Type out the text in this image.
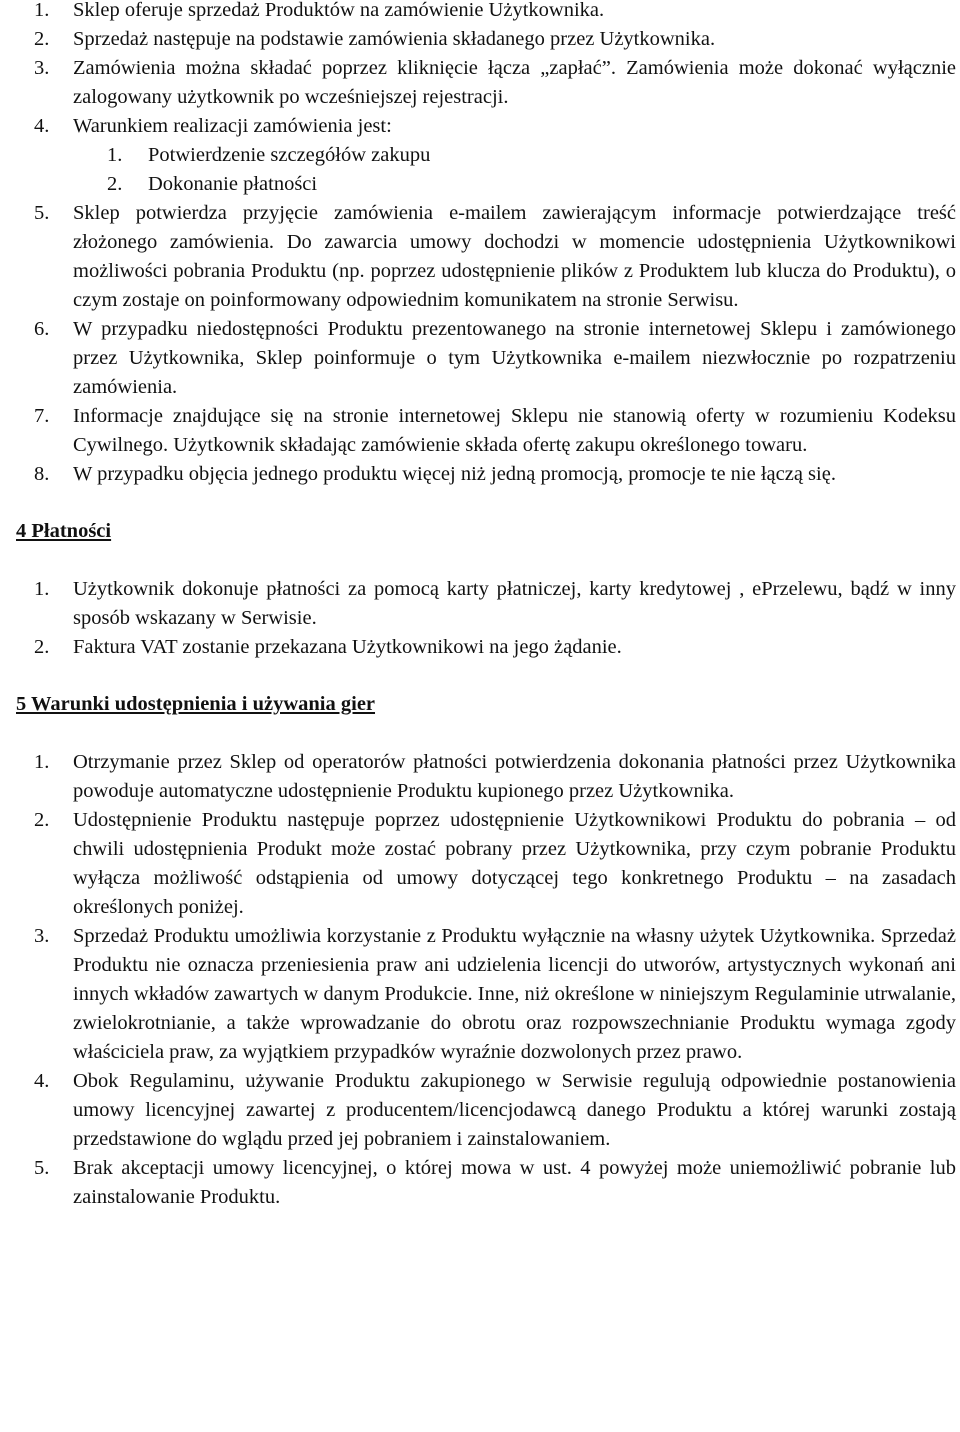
1. Sklep oferuje sprzedaż Produktów na zamówienie Użytkownika.

2. Sprzedaż następuje na podstawie zamówienia składanego przez Użytkownika.

3. Zamówienia można składać poprzez kliknięcie łącza „zapłać”. Zamówienia może dokonać wyłącznie zalogowany użytkownik po wcześniejszej rejestracji.

4. Warunkiem realizacji zamówienia jest:

1. Potwierdzenie szczegółów zakupu

2. Dokonanie płatności

5. Sklep potwierdza przyjęcie zamówienia e-mailem zawierającym informacje potwierdzające treść złożonego zamówienia. Do zawarcia umowy dochodzi w momencie udostępnienia Użytkownikowi możliwości pobrania Produktu (np. poprzez udostępnienie plików z Produktem lub klucza do Produktu), o czym zostaje on poinformowany odpowiednim komunikatem na stronie Serwisu.

6. W przypadku niedostępności Produktu prezentowanego na stronie internetowej Sklepu i zamówionego przez Użytkownika, Sklep poinformuje o tym Użytkownika e-mailem niezwłocznie po rozpatrzeniu zamówienia.

7. Informacje znajdujące się na stronie internetowej Sklepu nie stanowią oferty w rozumieniu Kodeksu Cywilnego. Użytkownik składając zamówienie składa ofertę zakupu określonego towaru.

8. W przypadku objęcia jednego produktu więcej niż jedną promocją, promocje te nie łączą się.

4 Płatności

1. Użytkownik dokonuje płatności za pomocą karty płatniczej, karty kredytowej , ePrzelewu, bądź w inny sposób wskazany w Serwisie.

2. Faktura VAT zostanie przekazana Użytkownikowi na jego żądanie.

5 Warunki udostępnienia i używania gier

1. Otrzymanie przez Sklep od operatorów płatności potwierdzenia dokonania płatności przez Użytkownika powoduje automatyczne udostępnienie Produktu kupionego przez Użytkownika.

2. Udostępnienie Produktu następuje poprzez udostępnienie Użytkownikowi Produktu do pobrania – od chwili udostępnienia Produkt może zostać pobrany przez Użytkownika, przy czym pobranie Produktu wyłącza możliwość odstąpienia od umowy dotyczącej tego konkretnego Produktu – na zasadach określonych poniżej.

3. Sprzedaż Produktu umożliwia korzystanie z Produktu wyłącznie na własny użytek Użytkownika. Sprzedaż Produktu nie oznacza przeniesienia praw ani udzielenia licencji do utworów, artystycznych wykonań ani innych wkładów zawartych w danym Produkcie. Inne, niż określone w niniejszym Regulaminie utrwalanie, zwielokrotnianie, a także wprowadzanie do obrotu oraz rozpowszechnianie Produktu wymaga zgody właściciela praw, za wyjątkiem przypadków wyraźnie dozwolonych przez prawo.

4. Obok Regulaminu, używanie Produktu zakupionego w Serwisie regulują odpowiednie postanowienia umowy licencyjnej zawartej z producentem/licencjodawcą danego Produktu a której warunki zostają przedstawione do wglądu przed jej pobraniem i zainstalowaniem.

5. Brak akceptacji umowy licencyjnej, o której mowa w ust. 4 powyżej może uniemożliwić pobranie lub zainstalowanie Produktu.
